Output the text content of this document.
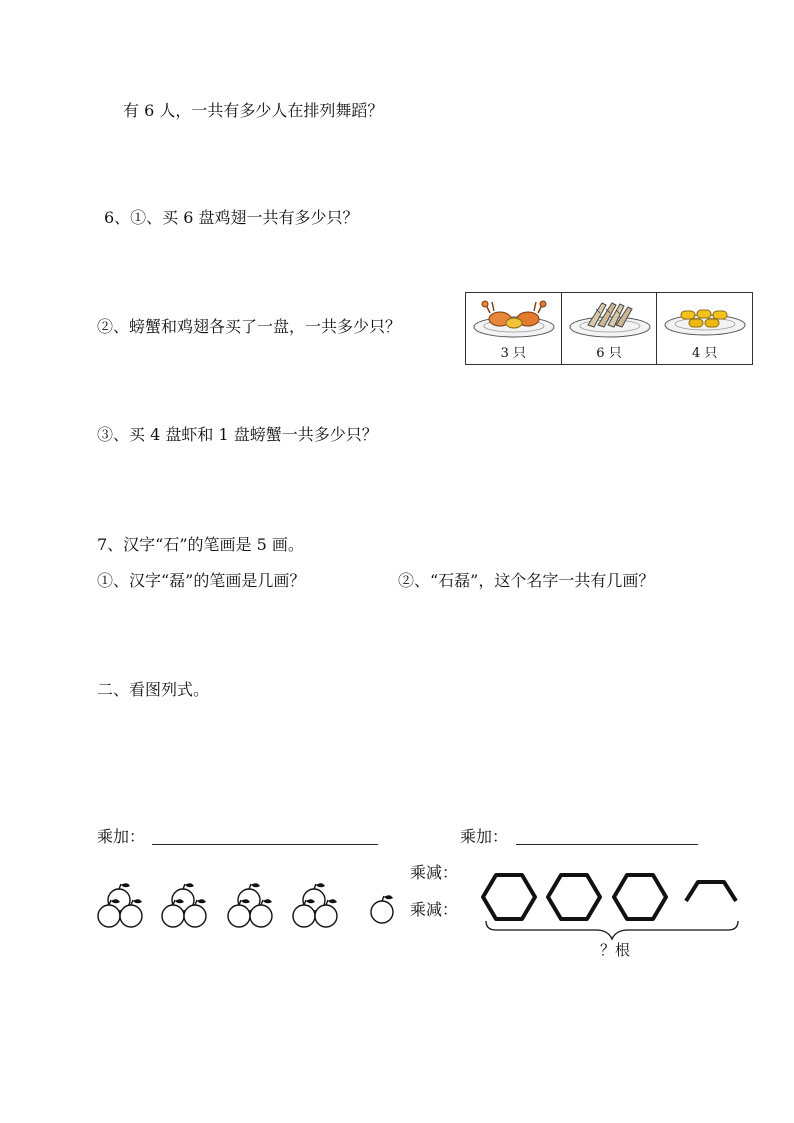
有 6 人，一共有多少人在排列舞蹈？
6、①、买 6 盘鸡翅一共有多少只？
②、螃蟹和鸡翅各买了一盘，一共多少只？
3 只	6 只	4 只
③、买 4 盘虾和 1 盘螃蟹一共多少只？
7、汉字“石”的笔画是 5 画。
①、汉字“磊”的笔画是几画？	②、“石磊”，这个名字一共有几画？
二、看图列式。
乘加：	乘加：
乘减：
乘减：
？根
